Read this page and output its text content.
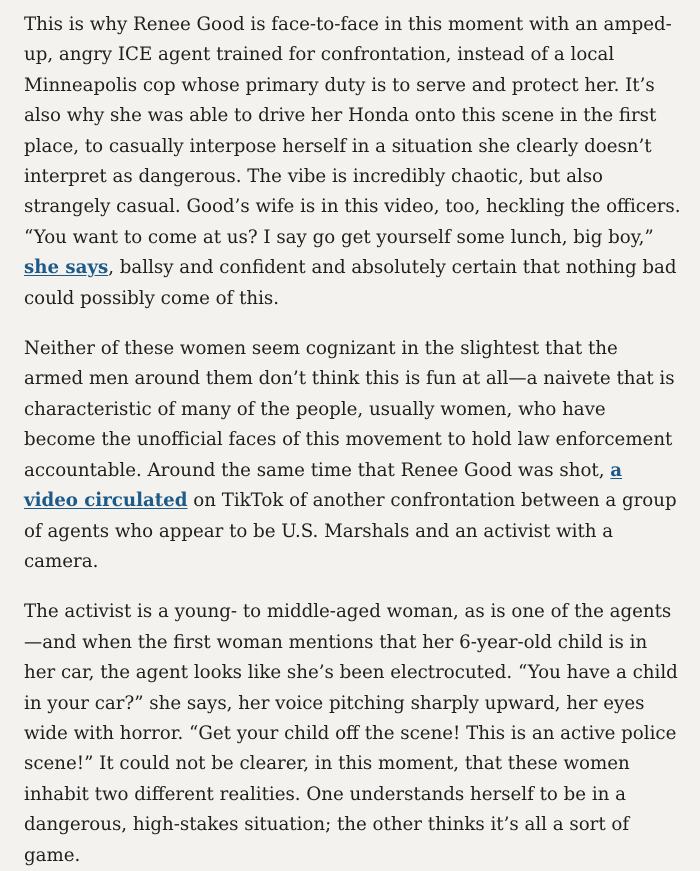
This is why Renee Good is face-to-face in this moment with an amped-up, angry ICE agent trained for confrontation, instead of a local Minneapolis cop whose primary duty is to serve and protect her. It’s also why she was able to drive her Honda onto this scene in the first place, to casually interpose herself in a situation she clearly doesn’t interpret as dangerous. The vibe is incredibly chaotic, but also strangely casual. Good’s wife is in this video, too, heckling the officers. “You want to come at us? I say go get yourself some lunch, big boy,” she says, ballsy and confident and absolutely certain that nothing bad could possibly come of this.

Neither of these women seem cognizant in the slightest that the armed men around them don’t think this is fun at all—a naivete that is characteristic of many of the people, usually women, who have become the unofficial faces of this movement to hold law enforcement accountable. Around the same time that Renee Good was shot, a video circulated on TikTok of another confrontation between a group of agents who appear to be U.S. Marshals and an activist with a camera.

The activist is a young- to middle-aged woman, as is one of the agents—and when the first woman mentions that her 6-year-old child is in her car, the agent looks like she’s been electrocuted. “You have a child in your car?” she says, her voice pitching sharply upward, her eyes wide with horror. “Get your child off the scene! This is an active police scene!” It could not be clearer, in this moment, that these women inhabit two different realities. One understands herself to be in a dangerous, high-stakes situation; the other thinks it’s all a sort of game.
